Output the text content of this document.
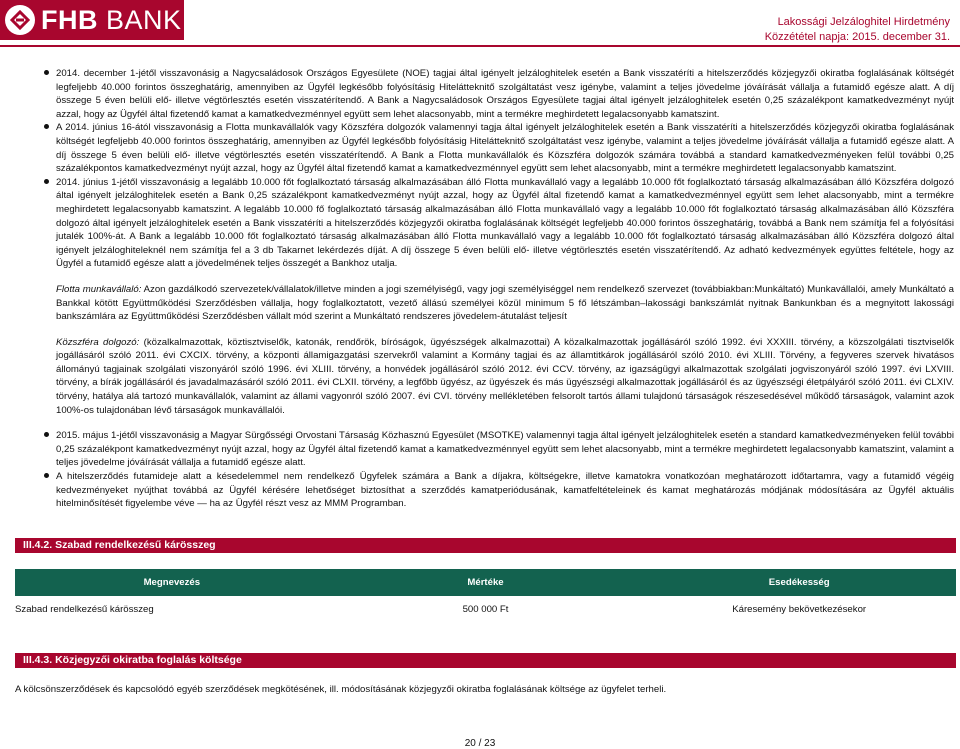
FHB BANK	Lakossági Jelzáloghitel Hirdetmény
Közzététel napja: 2015. december 31.
2014. december 1-jétől visszavonásig a Nagycsaládosok Országos Egyesülete (NOE) tagjai által igényelt jelzáloghitelek esetén a Bank visszatéríti a hitelszerződés közjegyzői okiratba foglalásának költségét legfeljebb 40.000 forintos összeghatárig, amennyiben az Ügyfél legkésőbb folyósításig Hitelátteknitő szolgáltatást vesz igénybe, valamint a teljes jövedelme jóváírását vállalja a futamidő egésze alatt. A díj összege 5 éven belüli elő- illetve végtörlesztés esetén visszatérítendő. A Bank a Nagycsaládosok Országos Egyesülete tagjai által igényelt jelzáloghitelek esetén 0,25 százalékpont kamatkedvezményt nyújt azzal, hogy az Ügyfél által fizetendő kamat a kamatkedvezménnyel együtt sem lehet alacsonyabb, mint a termékre meghirdetett legalacsonyabb kamatszint.
A 2014. június 16-ától visszavonásig a Flotta munkavállalók vagy Közszféra dolgozók valamennyi tagja által igényelt jelzáloghitelek esetén a Bank visszatéríti a hitelszerződés közjegyzői okiratba foglalásának költségét legfeljebb 40.000 forintos összeghatárig, amennyiben az Ügyfél legkésőbb folyósításig Hitelátteknitő szolgáltatást vesz igénybe, valamint a teljes jövedelme jóváírását vállalja a futamidő egésze alatt. A díj összege 5 éven belüli elő- illetve végtörlesztés esetén visszatérítendő. A Bank a Flotta munkavállalók és Közszféra dolgozók számára továbbá a standard kamatkedvezményeken felül további 0,25 százalékpontos kamatkedvezményt nyújt azzal, hogy az Ügyfél által fizetendő kamat a kamatkedvezménnyel együtt sem lehet alacsonyabb, mint a termékre meghirdetett legalacsonyabb kamatszint.
2014. június 1-jétől visszavonásig a legalább 10.000 főt foglalkoztató társaság alkalmazásában álló Flotta munkavállaló vagy a legalább 10.000 főt foglalkoztató társaság alkalmazásában álló Közszféra dolgozó által igényelt jelzáloghitelek esetén a Bank 0,25 százalékpont kamatkedvezményt nyújt azzal, hogy az Ügyfél által fizetendő kamat a kamatkedvezménnyel együtt sem lehet alacsonyabb, mint a termékre meghirdetett legalacsonyabb kamatszint. A legalább 10.000 fő foglalkoztató társaság alkalmazásában álló Flotta munkavállaló vagy a legalább 10.000 főt foglalkoztató társaság alkalmazásában álló Közszféra dolgozó által igényelt jelzáloghitelek esetén a Bank visszatéríti a hitelszerződés közjegyzői okiratba foglalásának költségét legfeljebb 40.000 forintos összeghatárig, továbbá a Bank nem számítja fel a folyósítási jutalék 100%-át. A Bank a legalább 10.000 főt foglalkoztató társaság alkalmazásában álló Flotta munkavállaló vagy a legalább 10.000 főt foglalkoztató társaság alkalmazásában álló Közszféra dolgozó által igényelt jelzáloghiteleknél nem számítja fel a 3 db Takarnet lekérdezés díját. A díj összege 5 éven belüli elő- illetve végtörlesztés esetén visszatérítendő. Az adható kedvezmények együttes feltétele, hogy az Ügyfél a futamidő egésze alatt a jövedelmének teljes összegét a Bankhoz utalja.
Flotta munkavállaló: Azon gazdálkodó szervezetek/vállalatok/illetve minden a jogi személyiségű, vagy jogi személyiséggel nem rendelkező szervezet (továbbiakban:Munkáltató) Munkavállalói, amely Munkáltató a Bankkal kötött Együttműködési Szerződésben vállalja, hogy foglalkoztatott, vezető állású személyei közül minimum 5 fő létszámban–lakossági bankszámlát nyitnak Bankunkban és a megnyitott lakossági bankszámlára az Együttműködési Szerződésben vállalt mód szerint a Munkáltató rendszeres jövedelem-átutalást teljesít
Közszféra dolgozó: (közalkalmazottak, köztisztviselők, katonák, rendőrök, bíróságok, ügyészségek alkalmazottai) A közalkalmazottak jogállásáról szóló 1992. évi XXXIII. törvény, a közszolgálati tisztviselők jogállásáról szóló 2011. évi CXCIX. törvény, a központi államigazgatási szervekről valamint a Kormány tagjai és az államtitkárok jogállásáról szóló 2010. évi XLIII. Törvény, a fegyveres szervek hivatásos állományú tagjainak szolgálati viszonyáról szóló 1996. évi XLIII. törvény, a honvédek jogállásáról szóló 2012. évi CCV. törvény, az igazságügyi alkalmazottak szolgálati jogviszonyáról szóló 1997. évi LXVIII. törvény, a bírák jogállásáról és javadalmazásáról szóló 2011. évi CLXII. törvény, a legfőbb ügyész, az ügyészek és más ügyészségi alkalmazottak jogállásáról és az ügyészségi életpályáról szóló 2011. évi CLXIV. törvény, hatálya alá tartozó munkavállalók, valamint az állami vagyonról szóló 2007. évi CVI. törvény mellékletében felsorolt tartós állami tulajdonú társaságok részesedésével működő társaságok, valamint azok 100%-os tulajdonában lévő társaságok munkavállalói.
2015. május 1-jétől visszavonásig a Magyar Sürgősségi Orvostani Társaság Közhasznú Egyesület (MSOTKE) valamennyi tagja által igényelt jelzáloghitelek esetén a standard kamatkedvezményeken felül további 0,25 százalékpont kamatkedvezményt nyújt azzal, hogy az Ügyfél által fizetendő kamat a kamatkedvezménnyel együtt sem lehet alacsonyabb, mint a termékre meghirdetett legalacsonyabb kamatszint, valamint a teljes jövedelme jóváírását vállalja a futamidő egésze alatt.
A hitelszerződés futamideje alatt a késedelemmel nem rendelkező Ügyfelek számára a Bank a díjakra, költségekre, illetve kamatokra vonatkozóan meghatározott időtartamra, vagy a futamidő végéig kedvezményeket nyújthat továbbá az Ügyfél kérésére lehetőséget biztosíthat a szerződés kamatperiódusának, kamatfeltételeinek és kamat meghatározás módjának módosítására az Ügyfél aktuális hitelminősítését figyelembe véve — ha az Ügyfél részt vesz az MMM Programban.
III.4.2. Szabad rendelkezésű kárösszeg
Megnevezés	Mértéke	Esedékesség
Szabad rendelkezésű kárösszeg	500 000 Ft	Káresemény bekövetkezésekor
III.4.3. Közjegyzői okiratba foglalás költsége
A kölcsönszerződések és kapcsolódó egyéb szerződések megkötésének, ill. módosításának közjegyzői okiratba foglalásának költsége az ügyfelet terheli.
20 / 23
